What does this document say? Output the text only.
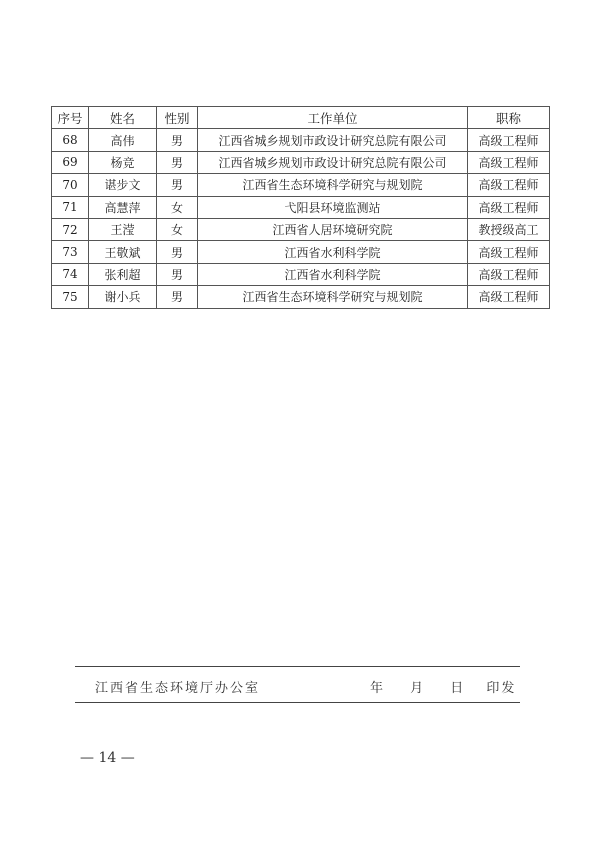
序号	姓名	性别	工作单位	职称
68	高伟	男	江西省城乡规划市政设计研究总院有限公司	高级工程师
69	杨竞	男	江西省城乡规划市政设计研究总院有限公司	高级工程师
70	谌步文	男	江西省生态环境科学研究与规划院	高级工程师
71	高慧萍	女	弋阳县环境监测站	高级工程师
72	王滢	女	江西省人居环境研究院	教授级高工
73	王敬斌	男	江西省水利科学院	高级工程师
74	张利超	男	江西省水利科学院	高级工程师
75	谢小兵	男	江西省生态环境科学研究与规划院	高级工程师
江西省生态环境厅办公室	年 月 日 印发
— 14 —
